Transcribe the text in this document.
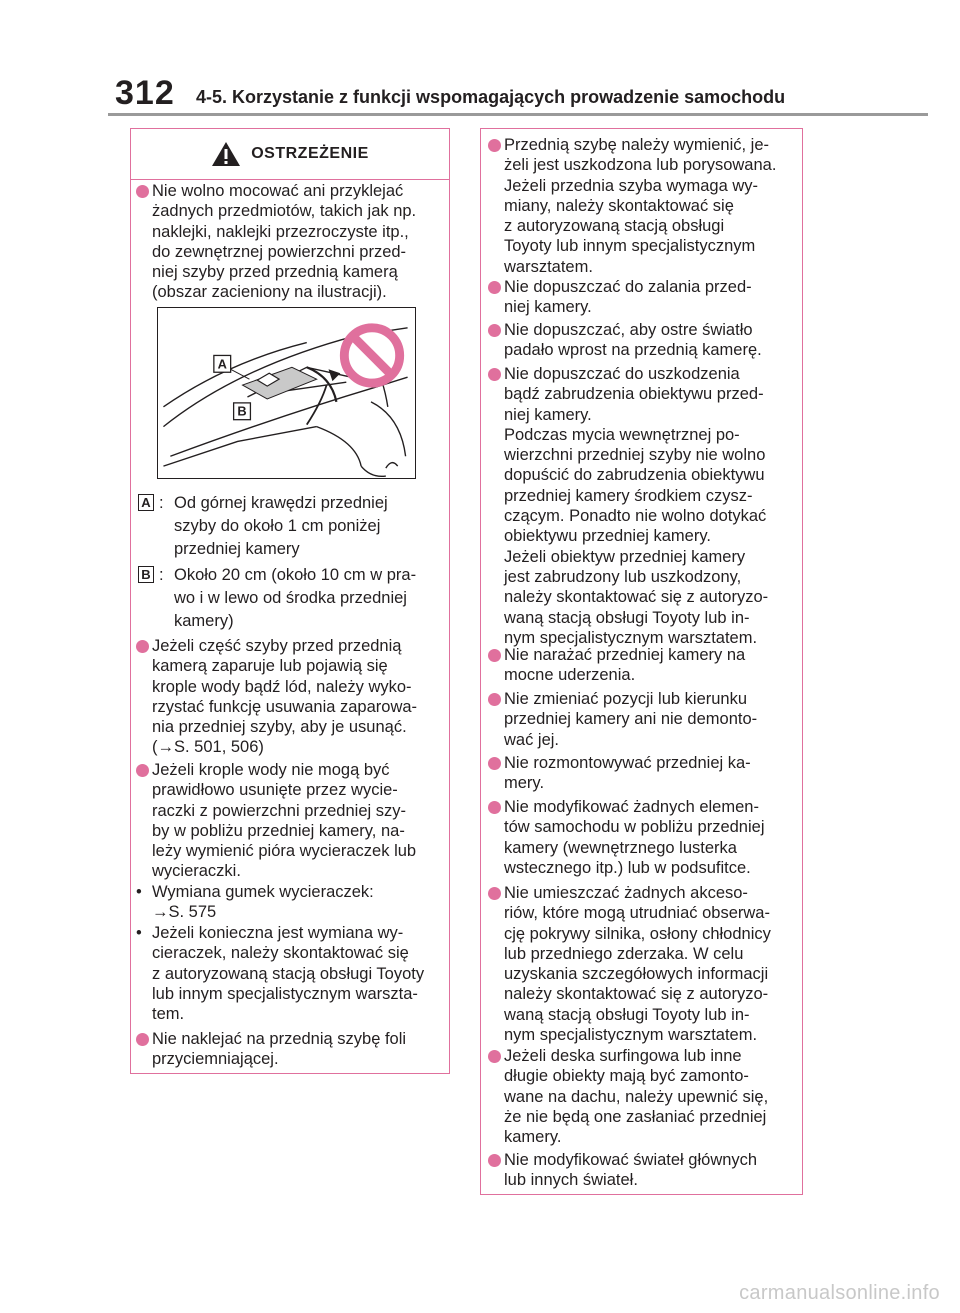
312 4-5. Korzystanie z funkcji wspomagających prowadzenie samochodu
OSTRZEŻENIE
Nie wolno mocować ani przyklejać
żadnych przedmiotów, takich jak np.
naklejki, naklejki przezroczyste itp.,
do zewnętrznej powierzchni przed-
niej szyby przed przednią kamerą
(obszar zacieniony na ilustracji).
A
B
A : Od górnej krawędzi przedniej
szyby do około 1 cm poniżej
przedniej kamery
B : Około 20 cm (około 10 cm w pra-
wo i w lewo od środka przedniej
kamery)
Jeżeli część szyby przed przednią
kamerą zaparuje lub pojawią się
krople wody bądź lód, należy wyko-
rzystać funkcję usuwania zaparowa-
nia przedniej szyby, aby je usunąć.
(→S. 501, 506)
Jeżeli krople wody nie mogą być
prawidłowo usunięte przez wycie-
raczki z powierzchni przedniej szy-
by w pobliżu przedniej kamery, na-
leży wymienić pióra wycieraczek lub
wycieraczki.
• Wymiana gumek wycieraczek:
→S. 575
• Jeżeli konieczna jest wymiana wy-
cieraczek, należy skontaktować się
z autoryzowaną stacją obsługi Toyoty
lub innym specjalistycznym warszta-
tem.
Nie naklejać na przednią szybę foli
przyciemniającej.
Przednią szybę należy wymienić, je-
żeli jest uszkodzona lub porysowana.
Jeżeli przednia szyba wymaga wy-
miany, należy skontaktować się
z autoryzowaną stacją obsługi
Toyoty lub innym specjalistycznym
warsztatem.
Nie dopuszczać do zalania przed-
niej kamery.
Nie dopuszczać, aby ostre światło
padało wprost na przednią kamerę.
Nie dopuszczać do uszkodzenia
bądź zabrudzenia obiektywu przed-
niej kamery.
Podczas mycia wewnętrznej po-
wierzchni przedniej szyby nie wolno
dopuścić do zabrudzenia obiektywu
przedniej kamery środkiem czysz-
czącym. Ponadto nie wolno dotykać
obiektywu przedniej kamery.
Jeżeli obiektyw przedniej kamery
jest zabrudzony lub uszkodzony,
należy skontaktować się z autoryzo-
waną stacją obsługi Toyoty lub in-
nym specjalistycznym warsztatem.
Nie narażać przedniej kamery na
mocne uderzenia.
Nie zmieniać pozycji lub kierunku
przedniej kamery ani nie demonto-
wać jej.
Nie rozmontowywać przedniej ka-
mery.
Nie modyfikować żadnych elemen-
tów samochodu w pobliżu przedniej
kamery (wewnętrznego lusterka
wstecznego itp.) lub w podsufitce.
Nie umieszczać żadnych akceso-
riów, które mogą utrudniać obserwa-
cję pokrywy silnika, osłony chłodnicy
lub przedniego zderzaka. W celu
uzyskania szczegółowych informacji
należy skontaktować się z autoryzo-
waną stacją obsługi Toyoty lub in-
nym specjalistycznym warsztatem.
Jeżeli deska surfingowa lub inne
długie obiekty mają być zamonto-
wane na dachu, należy upewnić się,
że nie będą one zasłaniać przedniej
kamery.
Nie modyfikować świateł głównych
lub innych świateł.
carmanualsonline.info
